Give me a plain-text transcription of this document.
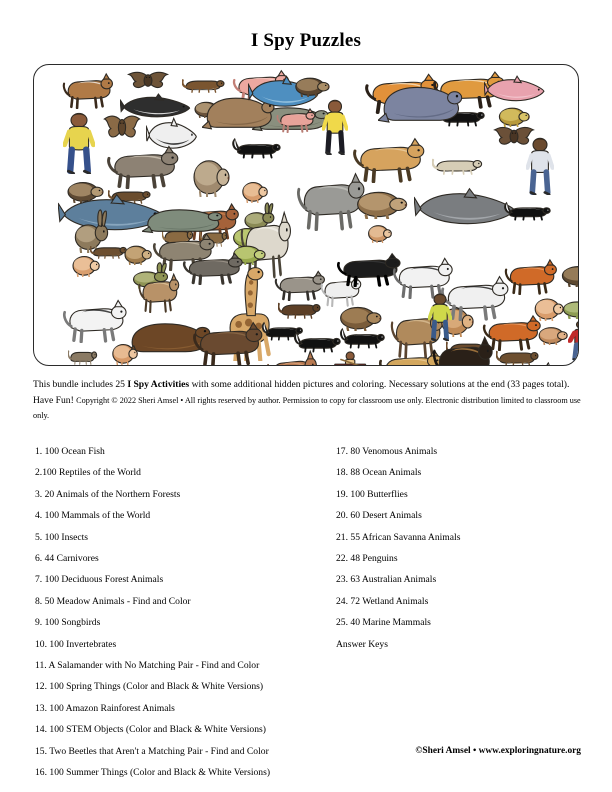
I Spy Puzzles
This bundle includes 25 I Spy Activities with some additional hidden pictures and coloring. Necessary solutions at the end (33 pages total). Have Fun! Copyright © 2022 Sheri Amsel • All rights reserved by author. Permission to copy for classroom use only. Electronic distribution limited to classroom use only.
1. 100 Ocean Fish
2.100 Reptiles of the World
3. 20 Animals of the Northern Forests
4. 100 Mammals of the World
5. 100 Insects
6. 44 Carnivores
7. 100 Deciduous Forest Animals
8. 50 Meadow Animals - Find and Color
9. 100 Songbirds
10. 100 Invertebrates
11. A Salamander with No Matching Pair - Find and Color
12. 100 Spring Things (Color and Black & White Versions)
13. 100 Amazon Rainforest Animals
14. 100 STEM Objects (Color and Black & White Versions)
15. Two Beetles that Aren't a Matching Pair - Find and Color
16. 100 Summer Things (Color and Black & White Versions)
17. 80 Venomous Animals
18. 88 Ocean Animals
19. 100 Butterflies
20. 60 Desert Animals
21. 55 African Savanna Animals
22. 48 Penguins
23. 63 Australian Animals
24. 72 Wetland Animals
25. 40 Marine Mammals
Answer Keys
©Sheri Amsel • www.exploringnature.org
